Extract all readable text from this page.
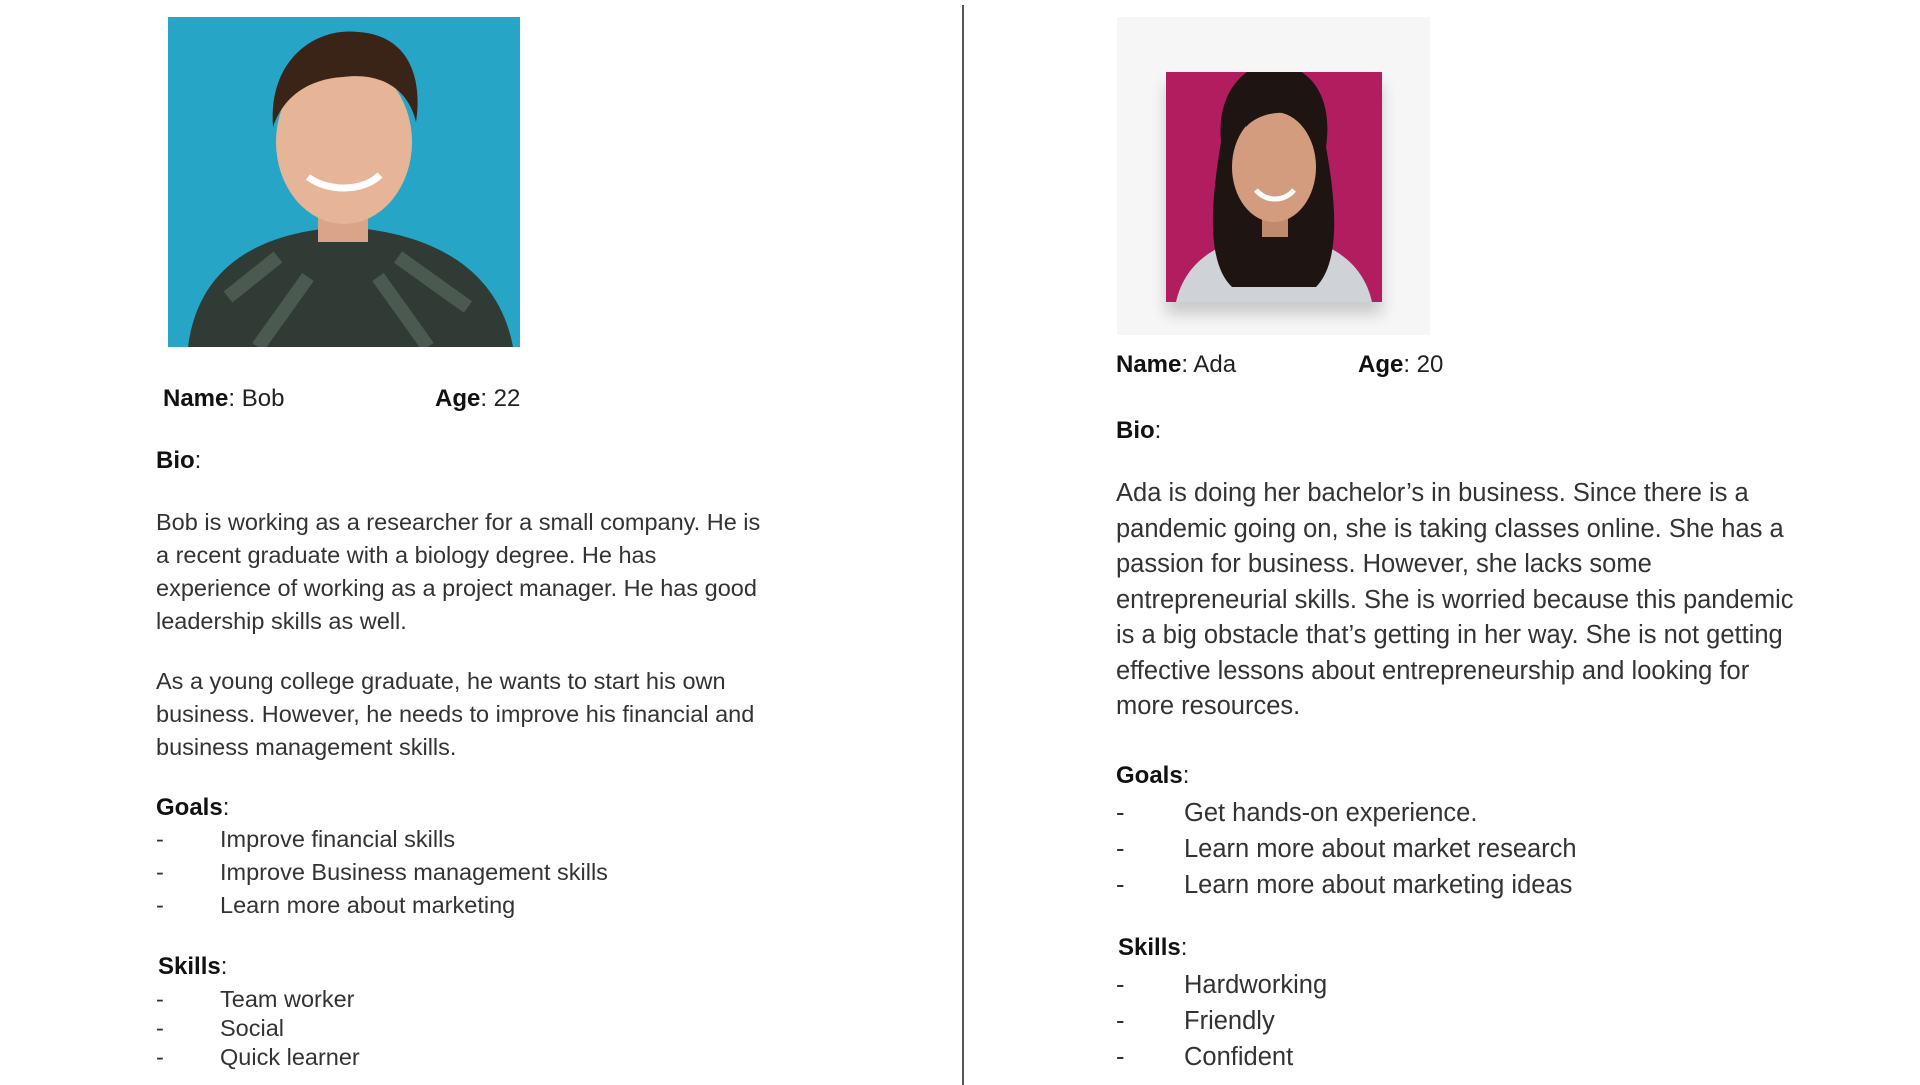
Name: Bob	Age: 22
Bio:
Bob is working as a researcher for a small company. He is a recent graduate with a biology degree. He has experience of working as a project manager. He has good leadership skills as well.
As a young college graduate, he wants to start his own business. However, he needs to improve his financial and business management skills.
Goals:
- Improve financial skills
- Improve Business management skills
- Learn more about marketing
Skills:
- Team worker
- Social
- Quick learner
Name: Ada	Age: 20
Bio:
Ada is doing her bachelor’s in business. Since there is a pandemic going on, she is taking classes online. She has a passion for business. However, she lacks some entrepreneurial skills. She is worried because this pandemic is a big obstacle that’s getting in her way. She is not getting effective lessons about entrepreneurship and looking for more resources.
Goals:
- Get hands-on experience.
- Learn more about market research
- Learn more about marketing ideas
Skills:
- Hardworking
- Friendly
- Confident
